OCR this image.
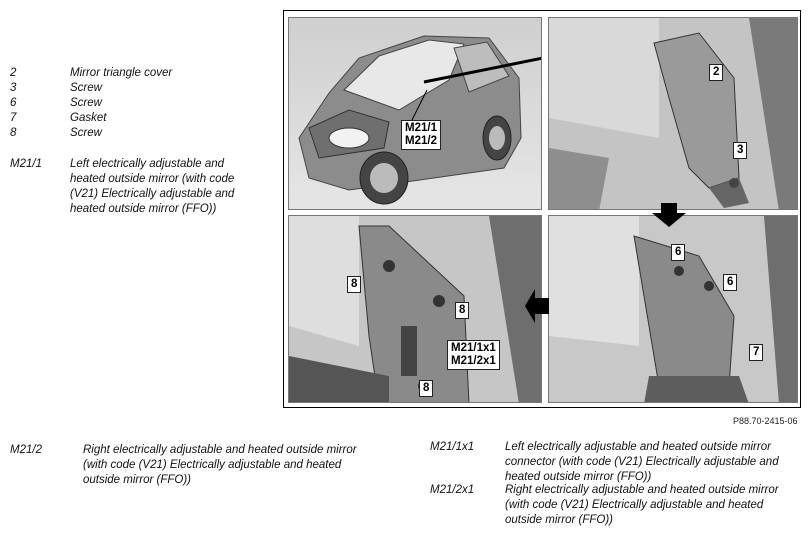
2	Mirror triangle cover
3	Screw
6	Screw
7	Gasket
8	Screw
M21/1 Left electrically adjustable and heated outside mirror (with code (V21) Electrically adjustable and heated outside mirror (FFO))
M21/1
M21/2
2
3
8
8
8
M21/1x1
M21/2x1
6
6
7
P88.70-2415-06
M21/2	Right electrically adjustable and heated outside mirror (with code (V21) Electrically adjustable and heated outside mirror (FFO))
M21/1x1	Left electrically adjustable and heated outside mirror connector (with code (V21) Electrically adjustable and heated outside mirror (FFO))
M21/2x1	Right electrically adjustable and heated outside mirror (with code (V21) Electrically adjustable and heated outside mirror (FFO))
